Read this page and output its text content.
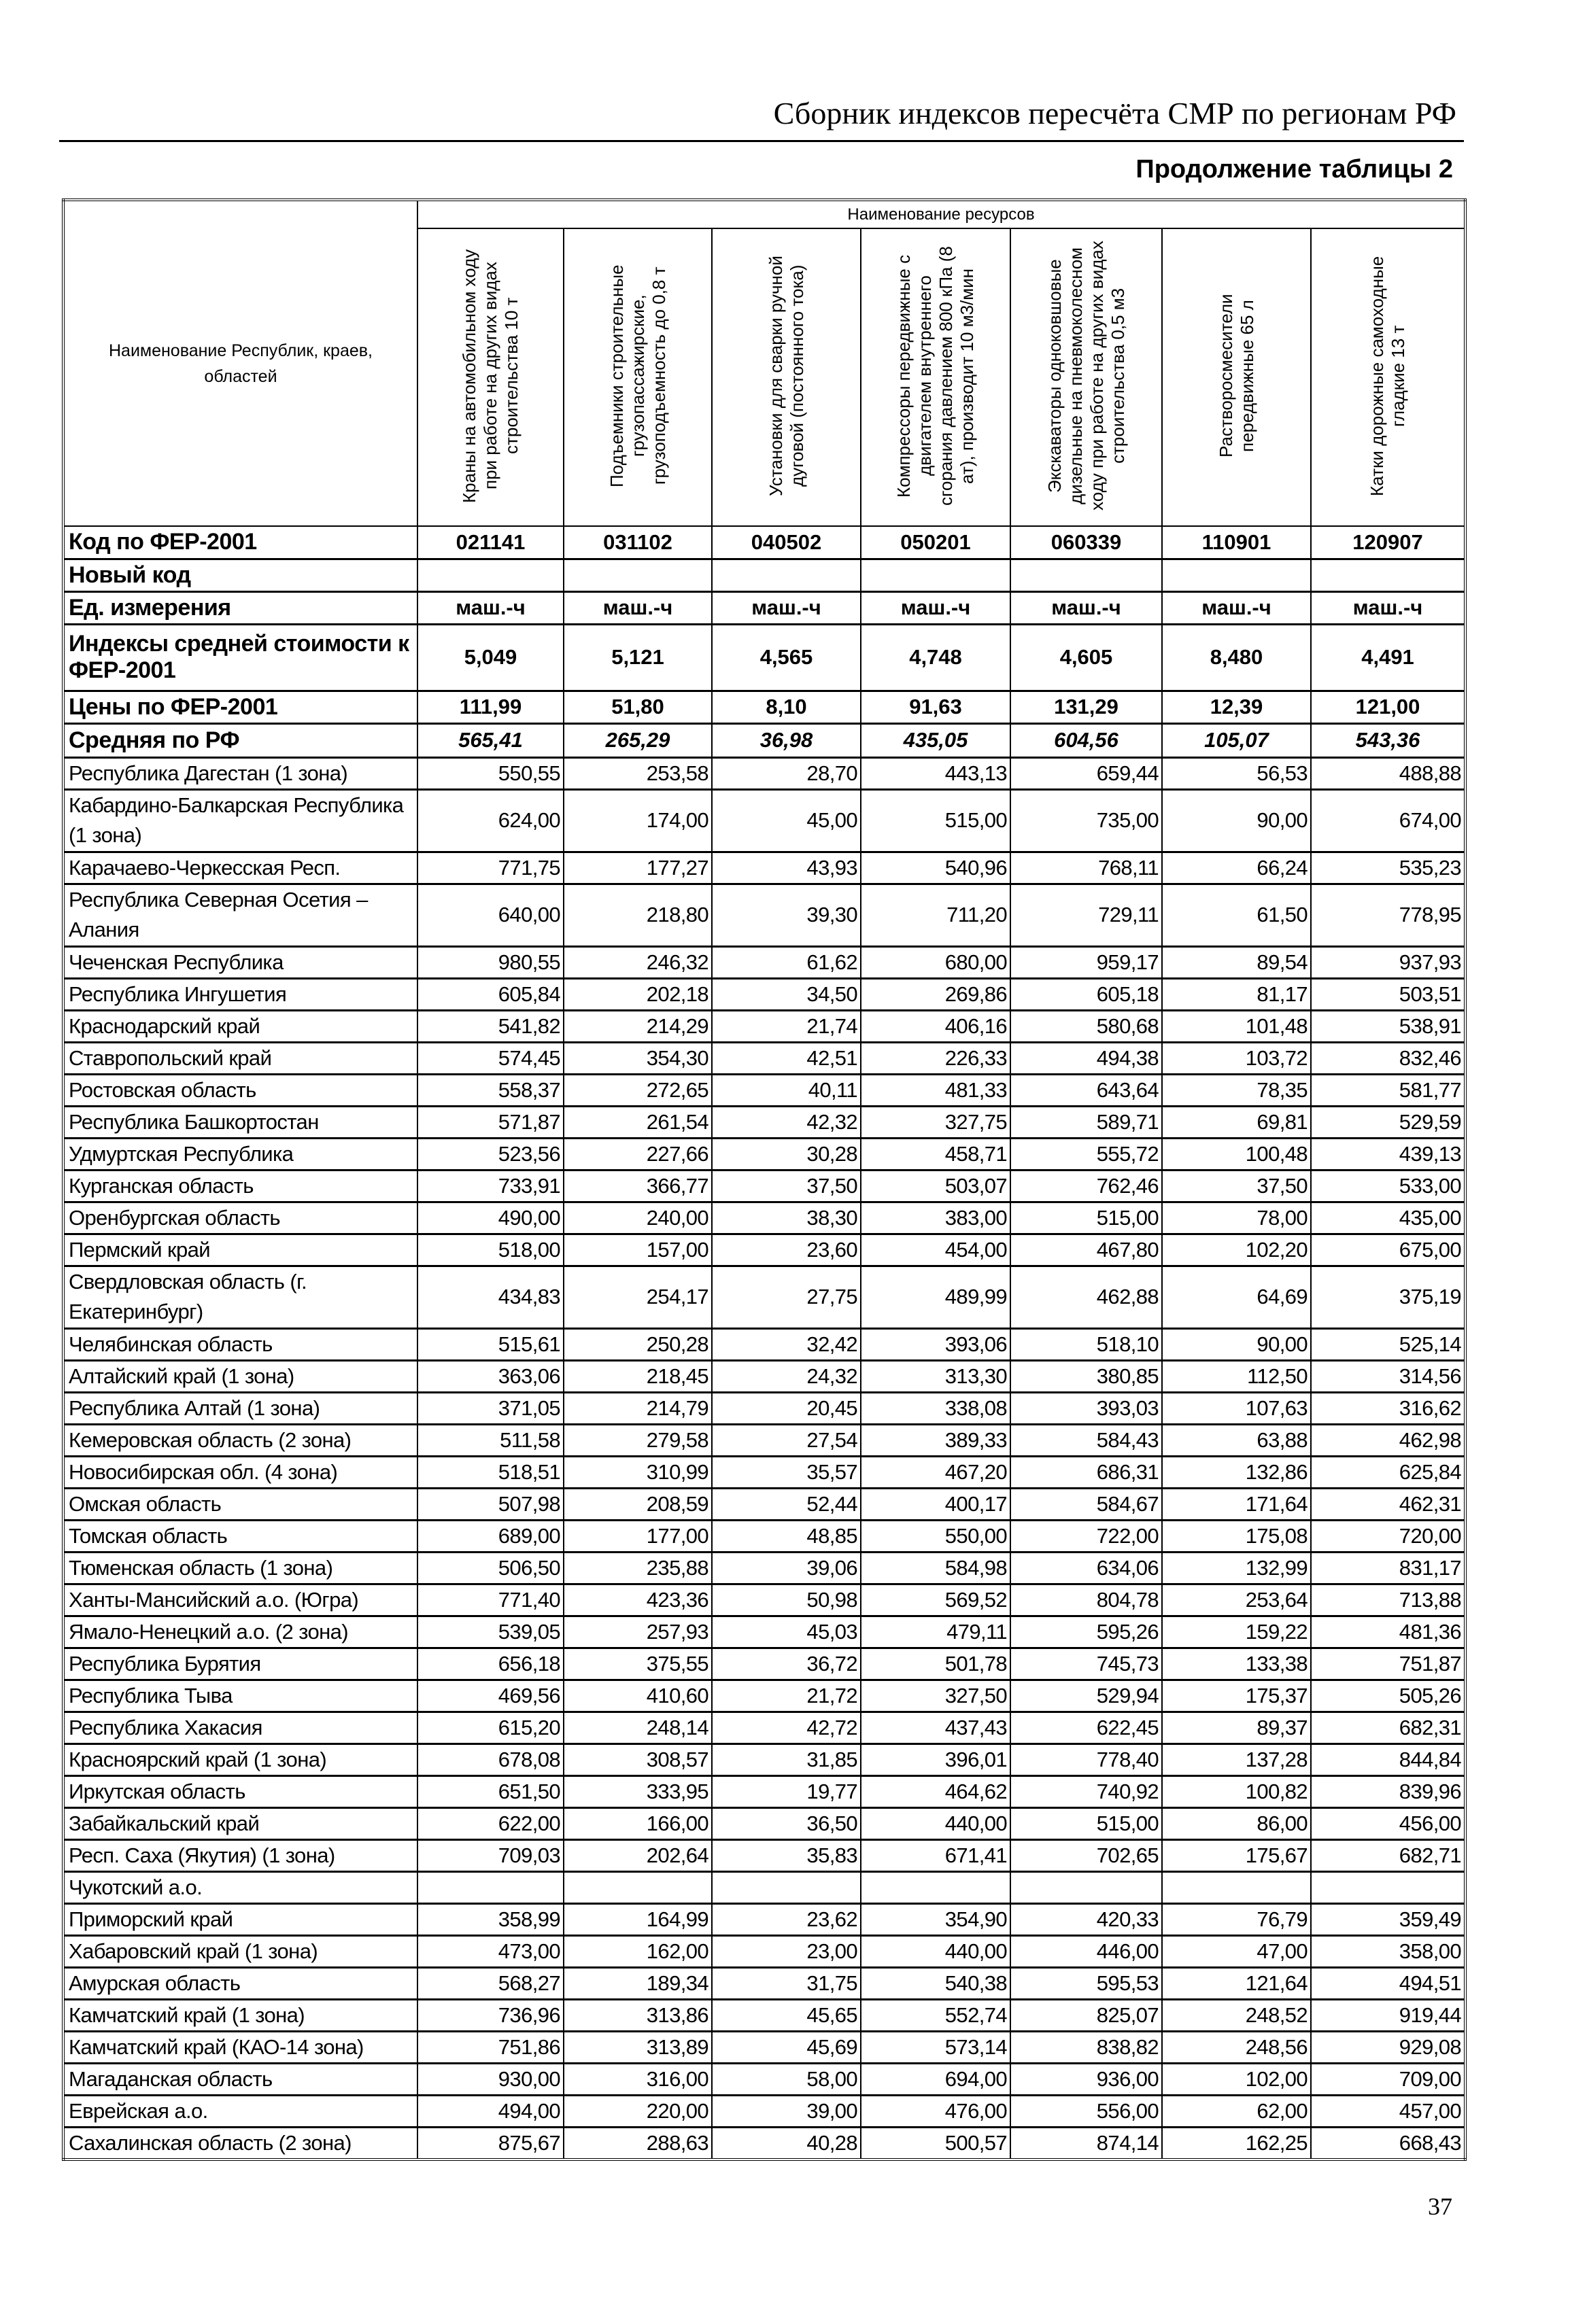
Сборник индексов пересчёта СМР по регионам РФ
Продолжение таблицы 2
Наименование Республик, краев, областей	Наименование ресурсов						
	Краны на автомобильном ходу при работе на других видах строительства 10 т	Подъемники строительные грузопассажирские, грузоподъемность до 0,8 т	Установки для сварки ручной дуговой (постоянного тока)	Компрессоры передвижные с двигателем внутреннего сгорания давлением 800 кПа (8 ат), производит 10 м3/мин	Экскаваторы одноковшовые дизельные на пневмоколесном ходу при работе на других видах строительства 0,5 м3	Растворосмесители передвижные 65 л	Катки дорожные самоходные гладкие 13 т
Код по ФЕР-2001	021141	031102	040502	050201	060339	110901	120907
Новый код							
Ед. измерения	маш.-ч	маш.-ч	маш.-ч	маш.-ч	маш.-ч	маш.-ч	маш.-ч
Индексы средней стоимости к ФЕР-2001	5,049	5,121	4,565	4,748	4,605	8,480	4,491
Цены по ФЕР-2001	111,99	51,80	8,10	91,63	131,29	12,39	121,00
Средняя по РФ	565,41	265,29	36,98	435,05	604,56	105,07	543,36
Республика Дагестан (1 зона)	550,55	253,58	28,70	443,13	659,44	56,53	488,88
Кабардино-Балкарская Республика (1 зона)	624,00	174,00	45,00	515,00	735,00	90,00	674,00
Карачаево-Черкесская Респ.	771,75	177,27	43,93	540,96	768,11	66,24	535,23
Республика Северная Осетия – Алания	640,00	218,80	39,30	711,20	729,11	61,50	778,95
Чеченская Республика	980,55	246,32	61,62	680,00	959,17	89,54	937,93
Республика Ингушетия	605,84	202,18	34,50	269,86	605,18	81,17	503,51
Краснодарский край	541,82	214,29	21,74	406,16	580,68	101,48	538,91
Ставропольский край	574,45	354,30	42,51	226,33	494,38	103,72	832,46
Ростовская область	558,37	272,65	40,11	481,33	643,64	78,35	581,77
Республика Башкортостан	571,87	261,54	42,32	327,75	589,71	69,81	529,59
Удмуртская Республика	523,56	227,66	30,28	458,71	555,72	100,48	439,13
Курганская область	733,91	366,77	37,50	503,07	762,46	37,50	533,00
Оренбургская область	490,00	240,00	38,30	383,00	515,00	78,00	435,00
Пермский край	518,00	157,00	23,60	454,00	467,80	102,20	675,00
Свердловская область (г. Екатеринбург)	434,83	254,17	27,75	489,99	462,88	64,69	375,19
Челябинская область	515,61	250,28	32,42	393,06	518,10	90,00	525,14
Алтайский край (1 зона)	363,06	218,45	24,32	313,30	380,85	112,50	314,56
Республика Алтай (1 зона)	371,05	214,79	20,45	338,08	393,03	107,63	316,62
Кемеровская область (2 зона)	511,58	279,58	27,54	389,33	584,43	63,88	462,98
Новосибирская обл. (4 зона)	518,51	310,99	35,57	467,20	686,31	132,86	625,84
Омская область	507,98	208,59	52,44	400,17	584,67	171,64	462,31
Томская область	689,00	177,00	48,85	550,00	722,00	175,08	720,00
Тюменская область (1 зона)	506,50	235,88	39,06	584,98	634,06	132,99	831,17
Ханты-Мансийский а.о. (Югра)	771,40	423,36	50,98	569,52	804,78	253,64	713,88
Ямало-Ненецкий а.о. (2 зона)	539,05	257,93	45,03	479,11	595,26	159,22	481,36
Республика Бурятия	656,18	375,55	36,72	501,78	745,73	133,38	751,87
Республика Тыва	469,56	410,60	21,72	327,50	529,94	175,37	505,26
Республика Хакасия	615,20	248,14	42,72	437,43	622,45	89,37	682,31
Красноярский край (1 зона)	678,08	308,57	31,85	396,01	778,40	137,28	844,84
Иркутская область	651,50	333,95	19,77	464,62	740,92	100,82	839,96
Забайкальский край	622,00	166,00	36,50	440,00	515,00	86,00	456,00
Респ. Саха (Якутия) (1 зона)	709,03	202,64	35,83	671,41	702,65	175,67	682,71
Чукотский а.о.							
Приморский край	358,99	164,99	23,62	354,90	420,33	76,79	359,49
Хабаровский край (1 зона)	473,00	162,00	23,00	440,00	446,00	47,00	358,00
Амурская область	568,27	189,34	31,75	540,38	595,53	121,64	494,51
Камчатский край (1 зона)	736,96	313,86	45,65	552,74	825,07	248,52	919,44
Камчатский край (КАО-14 зона)	751,86	313,89	45,69	573,14	838,82	248,56	929,08
Магаданская область	930,00	316,00	58,00	694,00	936,00	102,00	709,00
Еврейская а.о.	494,00	220,00	39,00	476,00	556,00	62,00	457,00
Сахалинская область (2 зона)	875,67	288,63	40,28	500,57	874,14	162,25	668,43
37
